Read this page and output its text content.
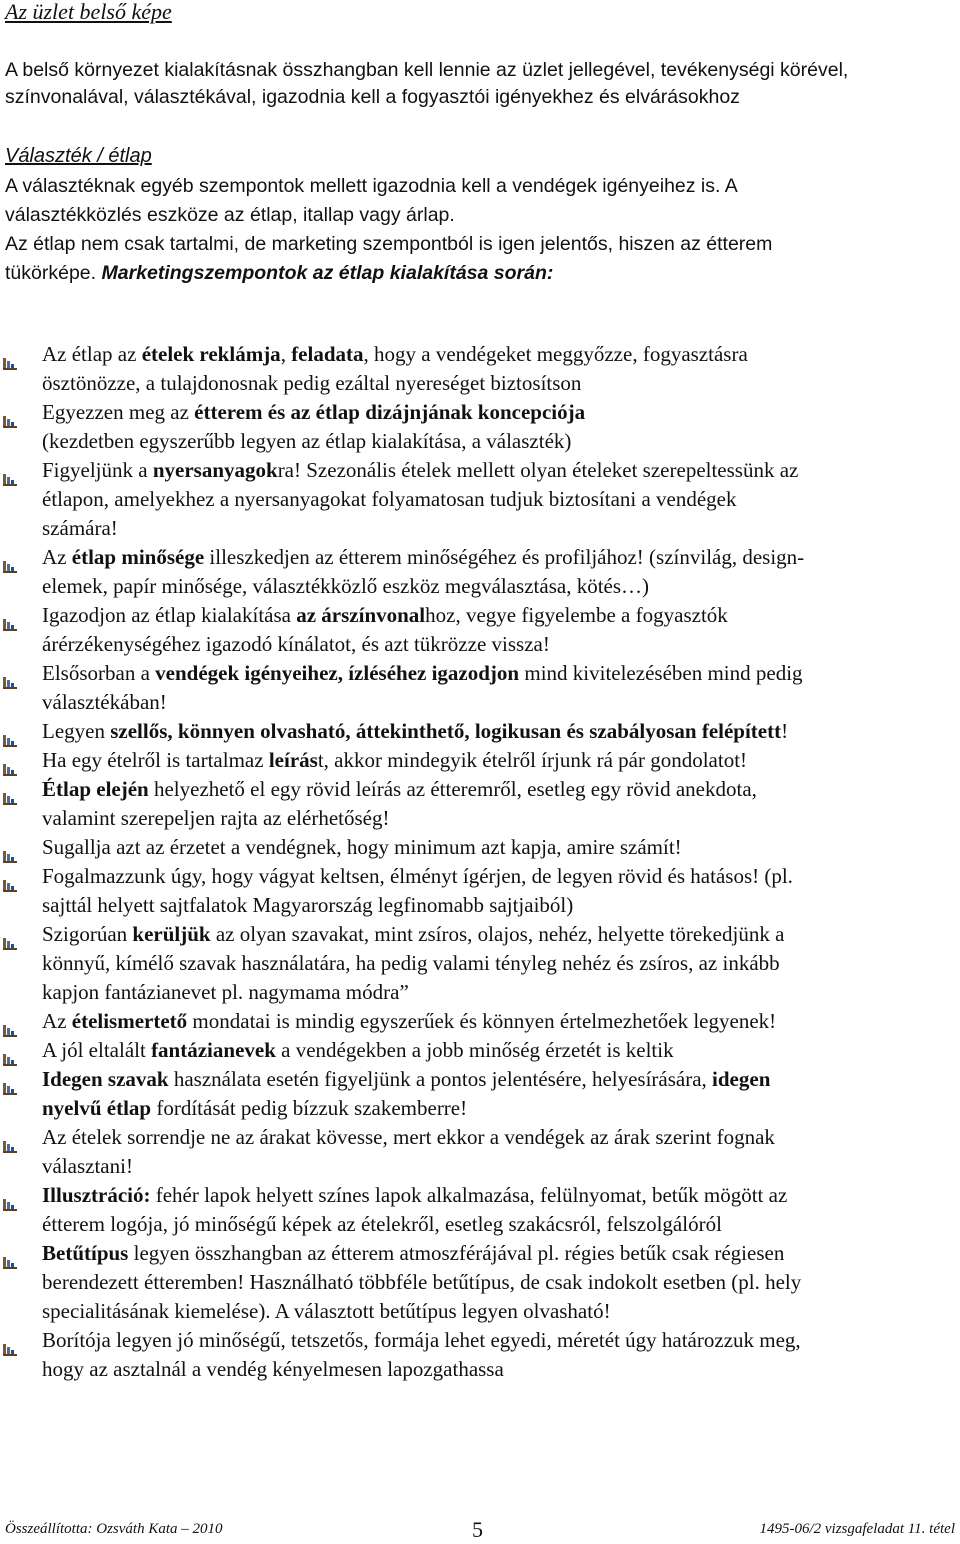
Az üzlet belső képe
A belső környezet kialakításnak összhangban kell lennie az üzlet jellegével, tevékenységi körével, színvonalával, választékával, igazodnia kell a fogyasztói igényekhez és elvárásokhoz
Választék / étlap
A választéknak egyéb szempontok mellett igazodnia kell a vendégek igényeihez is. A
választékközlés eszköze az étlap, itallap vagy árlap.
Az étlap nem csak tartalmi, de marketing szempontból is igen jelentős, hiszen az étterem
tükörképe. Marketingszempontok az étlap kialakítása során:
Az étlap az ételek reklámja, feladata, hogy a vendégeket meggyőzze, fogyasztásra
ösztönözze, a tulajdonosnak pedig ezáltal nyereséget biztosítson
Egyezzen meg az étterem és az étlap dizájnjának koncepciója
(kezdetben egyszerűbb legyen az étlap kialakítása, a választék)
Figyeljünk a nyersanyagokra! Szezonális ételek mellett olyan ételeket szerepeltessünk az
étlapon, amelyekhez a nyersanyagokat folyamatosan tudjuk biztosítani a vendégek
számára!
Az étlap minősége illeszkedjen az étterem minőségéhez és profiljához! (színvilág, design-
elemek, papír minősége, választékközlő eszköz megválasztása, kötés…)
Igazodjon az étlap kialakítása az árszínvonalhoz, vegye figyelembe a fogyasztók
árérzékenységéhez igazodó kínálatot, és azt tükrözze vissza!
Elsősorban a vendégek igényeihez, ízléséhez igazodjon mind kivitelezésében mind pedig
választékában!
Legyen szellős, könnyen olvasható, áttekinthető, logikusan és szabályosan felépített!
Ha egy ételről is tartalmaz leírást, akkor mindegyik ételről írjunk rá pár gondolatot!
Étlap elején helyezhető el egy rövid leírás az étteremről, esetleg egy rövid anekdota,
valamint szerepeljen rajta az elérhetőség!
Sugallja azt az érzetet a vendégnek, hogy minimum azt kapja, amire számít!
Fogalmazzunk úgy, hogy vágyat keltsen, élményt ígérjen, de legyen rövid és hatásos! (pl.
sajttál helyett sajtfalatok Magyarország legfinomabb sajtjaiból)
Szigorúan kerüljük az olyan szavakat, mint zsíros, olajos, nehéz, helyette törekedjünk a
könnyű, kímélő szavak használatára, ha pedig valami tényleg nehéz és zsíros, az inkább
kapjon fantázianevet pl. nagymama módra”
Az ételismertető mondatai is mindig egyszerűek és könnyen értelmezhetőek legyenek!
A jól eltalált fantázianevek a vendégekben a jobb minőség érzetét is keltik
Idegen szavak használata esetén figyeljünk a pontos jelentésére, helyesírására, idegen
nyelvű étlap fordítását pedig bízzuk szakemberre!
Az ételek sorrendje ne az árakat kövesse, mert ekkor a vendégek az árak szerint fognak
választani!
Illusztráció: fehér lapok helyett színes lapok alkalmazása, felülnyomat, betűk mögött az
étterem logója, jó minőségű képek az ételekről, esetleg szakácsról, felszolgálóról
Betűtípus legyen összhangban az étterem atmoszférájával pl. régies betűk csak régiesen
berendezett étteremben! Használható többféle betűtípus, de csak indokolt esetben (pl. hely
specialitásának kiemelése). A választott betűtípus legyen olvasható!
Borítója legyen jó minőségű, tetszetős, formája lehet egyedi, méretét úgy határozzuk meg,
hogy az asztalnál a vendég kényelmesen lapozgathassa
Összeállította: Ozsváth Kata – 2010	5	1495-06/2 vizsgafeladat 11. tétel
